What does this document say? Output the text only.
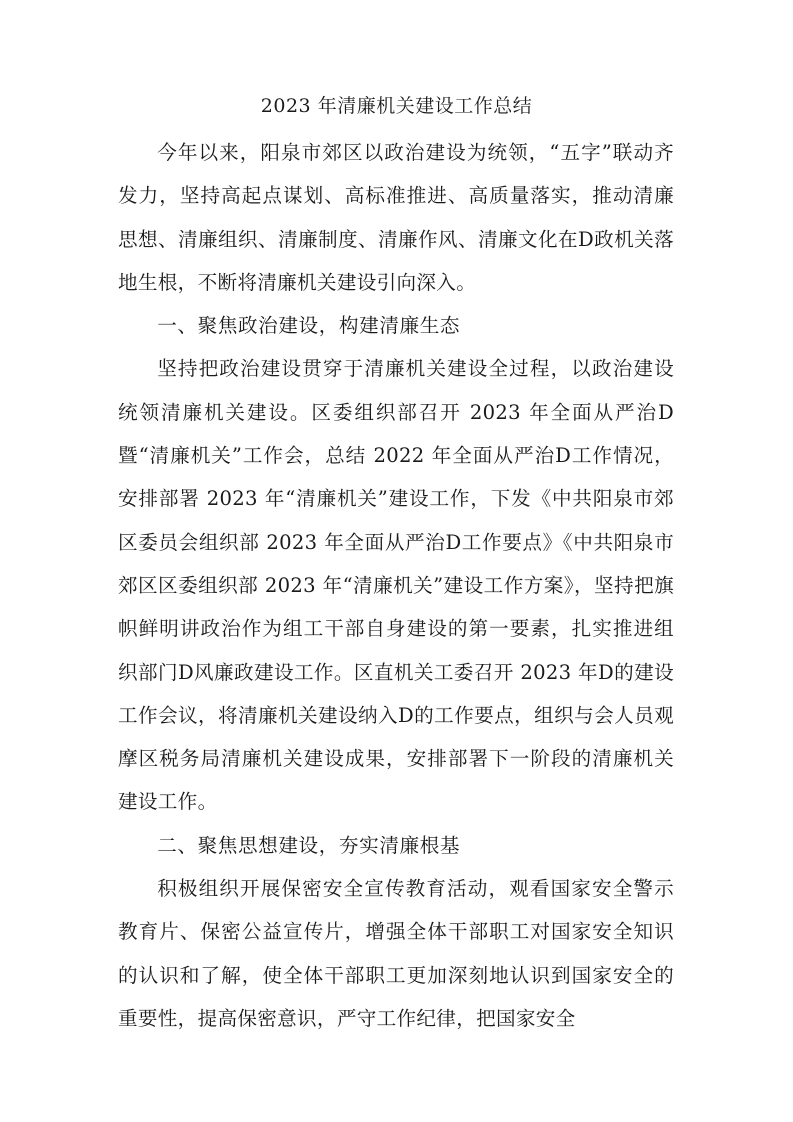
2023 年清廉机关建设工作总结

今年以来，阳泉市郊区以政治建设为统领，“五字”联动齐发力，坚持高起点谋划、高标准推进、高质量落实，推动清廉思想、清廉组织、清廉制度、清廉作风、清廉文化在D政机关落地生根，不断将清廉机关建设引向深入。

一、聚焦政治建设，构建清廉生态

坚持把政治建设贯穿于清廉机关建设全过程，以政治建设统领清廉机关建设。区委组织部召开 2023 年全面从严治D暨“清廉机关”工作会，总结 2022 年全面从严治D工作情况，安排部署 2023 年“清廉机关”建设工作，下发《中共阳泉市郊区委员会组织部 2023 年全面从严治D工作要点》《中共阳泉市郊区区委组织部 2023 年“清廉机关”建设工作方案》，坚持把旗帜鲜明讲政治作为组工干部自身建设的第一要素，扎实推进组织部门D风廉政建设工作。区直机关工委召开 2023 年D的建设工作会议，将清廉机关建设纳入D的工作要点，组织与会人员观摩区税务局清廉机关建设成果，安排部署下一阶段的清廉机关建设工作。

二、聚焦思想建设，夯实清廉根基

积极组织开展保密安全宣传教育活动，观看国家安全警示教育片、保密公益宣传片，增强全体干部职工对国家安全知识的认识和了解，使全体干部职工更加深刻地认识到国家安全的重要性，提高保密意识，严守工作纪律，把国家安全
